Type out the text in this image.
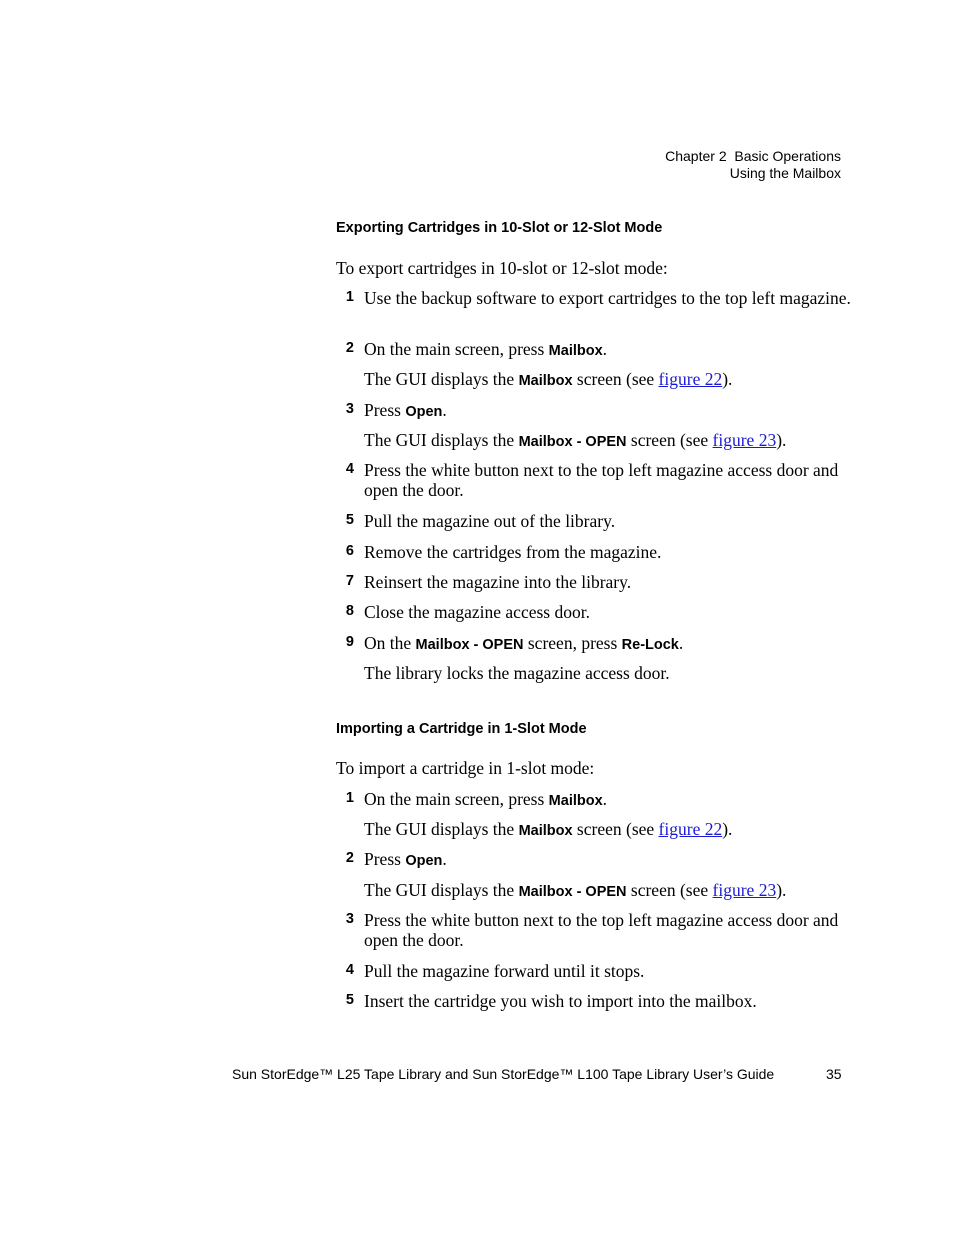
Chapter 2  Basic Operations
Using the Mailbox
Exporting Cartridges in 10-Slot or 12-Slot Mode

To export cartridges in 10-slot or 12-slot mode:

1 Use the backup software to export cartridges to the top left magazine.
2 On the main screen, press Mailbox.

The GUI displays the Mailbox screen (see figure 22).

3 Press Open.

The GUI displays the Mailbox - OPEN screen (see figure 23).

4 Press the white button next to the top left magazine access door and open the door.
5 Pull the magazine out of the library.
6 Remove the cartridges from the magazine.
7 Reinsert the magazine into the library.
8 Close the magazine access door.
9 On the Mailbox - OPEN screen, press Re-Lock.

The library locks the magazine access door.

Importing a Cartridge in 1-Slot Mode

To import a cartridge in 1-slot mode:

1 On the main screen, press Mailbox.

The GUI displays the Mailbox screen (see figure 22).

2 Press Open.

The GUI displays the Mailbox - OPEN screen (see figure 23).

3 Press the white button next to the top left magazine access door and open the door.
4 Pull the magazine forward until it stops.
5 Insert the cartridge you wish to import into the mailbox.
Sun StorEdge™ L25 Tape Library and Sun StorEdge™ L100 Tape Library User’s Guide	35
